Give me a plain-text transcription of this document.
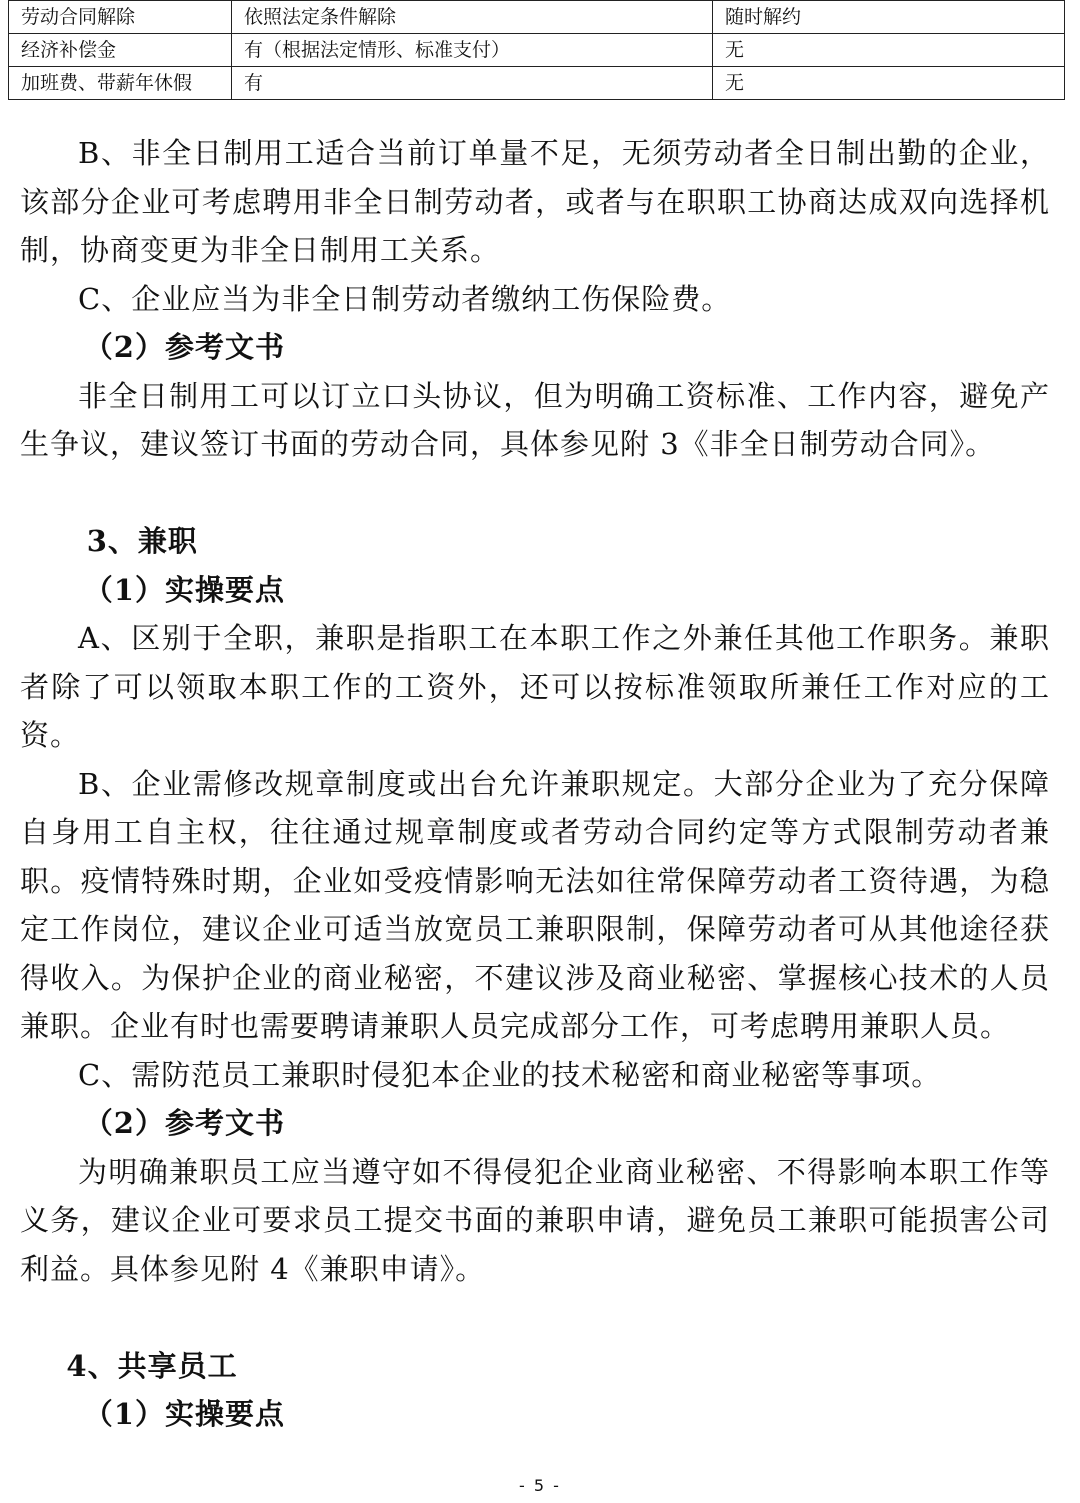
劳动合同解除	依照法定条件解除	随时解约
经济补偿金	有（根据法定情形、标准支付）	无
加班费、带薪年休假	有	无

B、非全日制用工适合当前订单量不足，无须劳动者全日制出勤的企业，该部分企业可考虑聘用非全日制劳动者，或者与在职职工协商达成双向选择机制，协商变更为非全日制用工关系。

C、企业应当为非全日制劳动者缴纳工伤保险费。

（2）参考文书

非全日制用工可以订立口头协议，但为明确工资标准、工作内容，避免产生争议，建议签订书面的劳动合同，具体参见附 3《非全日制劳动合同》。

3、兼职

（1）实操要点

A、区别于全职，兼职是指职工在本职工作之外兼任其他工作职务。兼职者除了可以领取本职工作的工资外，还可以按标准领取所兼任工作对应的工资。

B、企业需修改规章制度或出台允许兼职规定。大部分企业为了充分保障自身用工自主权，往往通过规章制度或者劳动合同约定等方式限制劳动者兼职。疫情特殊时期，企业如受疫情影响无法如往常保障劳动者工资待遇，为稳定工作岗位，建议企业可适当放宽员工兼职限制，保障劳动者可从其他途径获得收入。为保护企业的商业秘密，不建议涉及商业秘密、掌握核心技术的人员兼职。企业有时也需要聘请兼职人员完成部分工作，可考虑聘用兼职人员。

C、需防范员工兼职时侵犯本企业的技术秘密和商业秘密等事项。

（2）参考文书

为明确兼职员工应当遵守如不得侵犯企业商业秘密、不得影响本职工作等义务，建议企业可要求员工提交书面的兼职申请，避免员工兼职可能损害公司利益。具体参见附 4《兼职申请》。

4、共享员工

（1）实操要点

- 5 -
